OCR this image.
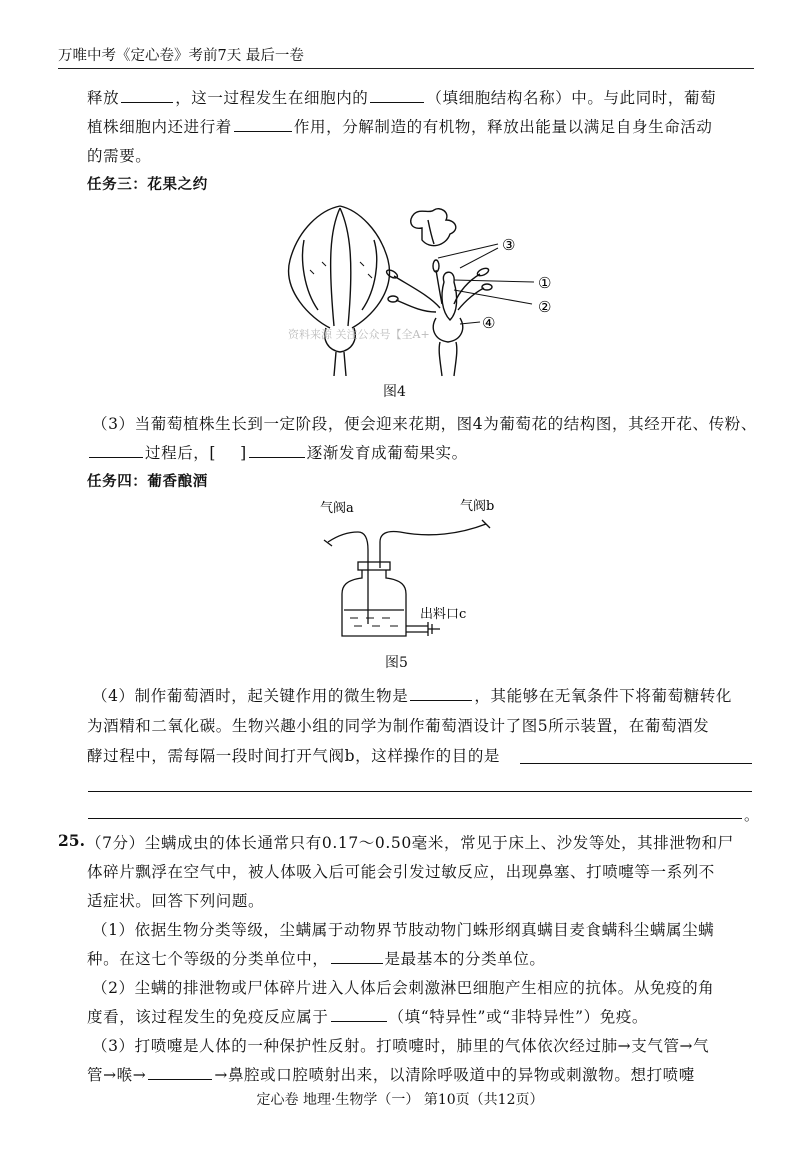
万唯中考《定心卷》考前7天 最后一卷
释放	，这一过程发生在细胞内的	（填细胞结构名称）中。与此同时，葡萄
植株细胞内还进行着	作用，分解制造的有机物，释放出能量以满足自身生命活动
的需要。
任务三：花果之约
③
①
②
④
资料来源 关注公众号【全A+
图4
（3）当葡萄植株生长到一定阶段，便会迎来花期，图4为葡萄花的结构图，其经开花、传粉、
过程后，[ ]	逐渐发育成葡萄果实。
任务四：葡香酿酒
气阀a	气阀b
出料口c
图5
（4）制作葡萄酒时，起关键作用的微生物是	，其能够在无氧条件下将葡萄糖转化
为酒精和二氧化碳。生物兴趣小组的同学为制作葡萄酒设计了图5所示装置，在葡萄酒发
酵过程中，需每隔一段时间打开气阀b，这样操作的目的是
。
25. （7分）尘螨成虫的体长通常只有0.17～0.50毫米，常见于床上、沙发等处，其排泄物和尸
体碎片飘浮在空气中，被人体吸入后可能会引发过敏反应，出现鼻塞、打喷嚏等一系列不
适症状。回答下列问题。
（1）依据生物分类等级，尘螨属于动物界节肢动物门蛛形纲真螨目麦食螨科尘螨属尘螨
种。在这七个等级的分类单位中，	是最基本的分类单位。
（2）尘螨的排泄物或尸体碎片进入人体后会刺激淋巴细胞产生相应的抗体。从免疫的角
度看，该过程发生的免疫反应属于	（填“特异性”或“非特异性”）免疫。
（3）打喷嚏是人体的一种保护性反射。打喷嚏时，肺里的气体依次经过肺→支气管→气
管→喉→	→鼻腔或口腔喷射出来，以清除呼吸道中的异物或刺激物。想打喷嚏
定心卷 地理·生物学（一） 第10页（共12页）
